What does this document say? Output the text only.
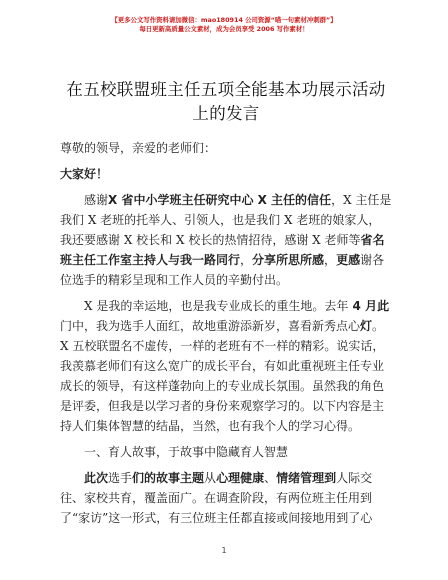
【更多公文写作资料请加微信：mao180914 公司资源“喵一句素材冲刺群”】
每日更新高质量公文素材，成为会员享受 2006 写作素材！
在五校联盟班主任五项全能基本功展示活动上的发言

尊敬的领导，亲爱的老师们：

大家好！

感谢X 省中小学班主任研究中心 X 主任的信任，X 主任是我们 X 老班的托举人、引领人，也是我们 X 老班的娘家人，我还要感谢 X 校长和 X 校长的热情招待，感谢 X 老师等省名班主任工作室主持人与我一路同行，分享所思所感，更感谢各位选手的精彩呈现和工作人员的辛勤付出。

X 是我的幸运地，也是我专业成长的重生地。去年 4 月此门中，我为选手人面红，故地重游添新岁，喜看新秀点心灯。X 五校联盟名不虚传，一样的老班有不一样的精彩。说实话，我羡慕老师们有这么宽广的成长平台，有如此重视班主任专业成长的领导，有这样蓬勃向上的专业成长氛围。虽然我的角色是评委，但我是以学习者的身份来观察学习的。以下内容是主持人们集体智慧的结晶，当然，也有我个人的学习心得。

一、育人故事，于故事中隐藏育人智慧

此次选手们的故事主题从心理健康、情绪管理到人际交往、家校共育，覆盖面广。在调查阶段，有两位班主任用到了“家访”这一形式，有三位班主任都直接或间接地用到了心

1
